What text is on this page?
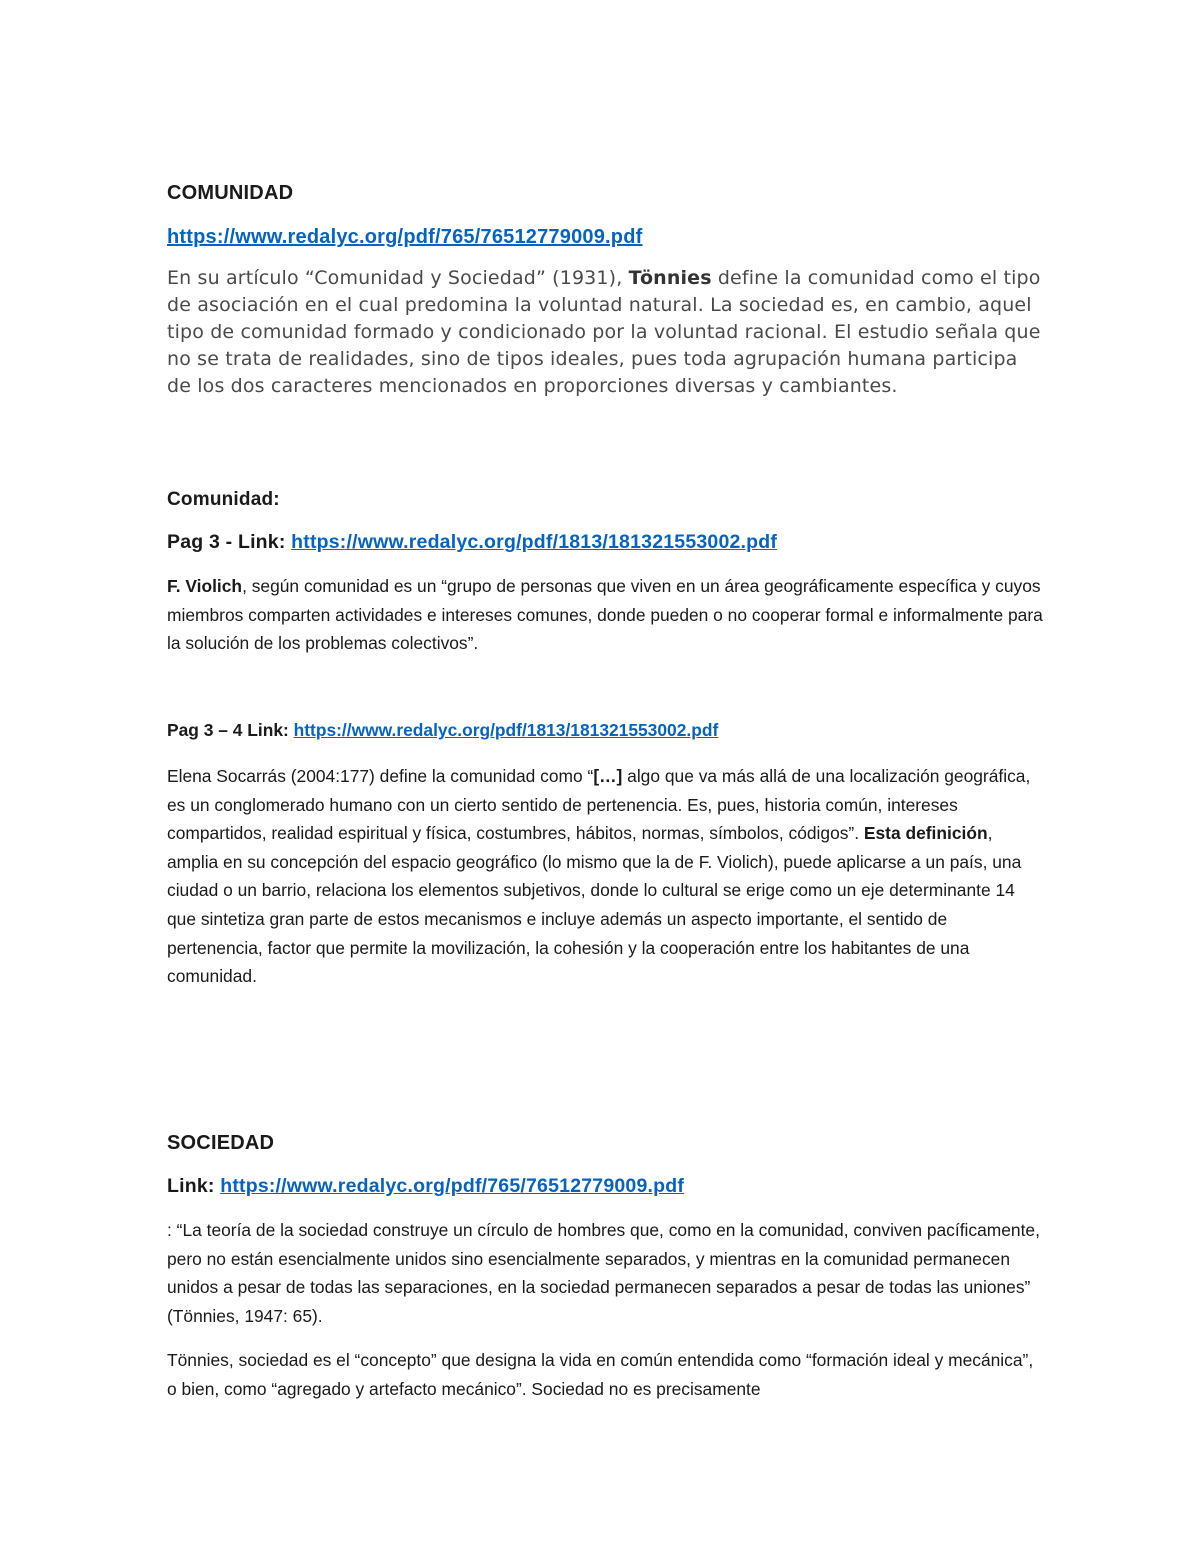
COMUNIDAD
https://www.redalyc.org/pdf/765/76512779009.pdf
En su artículo “Comunidad y Sociedad” (1931), Tönnies define la comunidad como el tipo de asociación en el cual predomina la voluntad natural. La sociedad es, en cambio, aquel tipo de comunidad formado y condicionado por la voluntad racional. El estudio señala que no se trata de realidades, sino de tipos ideales, pues toda agrupación humana participa de los dos caracteres mencionados en proporciones diversas y cambiantes.
Comunidad:
Pag 3 - Link: https://www.redalyc.org/pdf/1813/181321553002.pdf
F. Violich, según comunidad es un “grupo de personas que viven en un área geográficamente específica y cuyos miembros comparten actividades e intereses comunes, donde pueden o no cooperar formal e informalmente para la solución de los problemas colectivos”.
Pag 3 – 4 Link: https://www.redalyc.org/pdf/1813/181321553002.pdf
Elena Socarrás (2004:177) define la comunidad como “[…] algo que va más allá de una localización geográfica, es un conglomerado humano con un cierto sentido de pertenencia. Es, pues, historia común, intereses compartidos, realidad espiritual y física, costumbres, hábitos, normas, símbolos, códigos”. Esta definición, amplia en su concepción del espacio geográfico (lo mismo que la de F. Violich), puede aplicarse a un país, una ciudad o un barrio, relaciona los elementos subjetivos, donde lo cultural se erige como un eje determinante 14 que sintetiza gran parte de estos mecanismos e incluye además un aspecto importante, el sentido de pertenencia, factor que permite la movilización, la cohesión y la cooperación entre los habitantes de una comunidad.
SOCIEDAD
Link: https://www.redalyc.org/pdf/765/76512779009.pdf
: “La teoría de la sociedad construye un círculo de hombres que, como en la comunidad, conviven pacíficamente, pero no están esencialmente unidos sino esencialmente separados, y mientras en la comunidad permanecen unidos a pesar de todas las separaciones, en la sociedad permanecen separados a pesar de todas las uniones” (Tönnies, 1947: 65).
Tönnies, sociedad es el “concepto” que designa la vida en común entendida como “formación ideal y mecánica”, o bien, como “agregado y artefacto mecánico”. Sociedad no es precisamente
